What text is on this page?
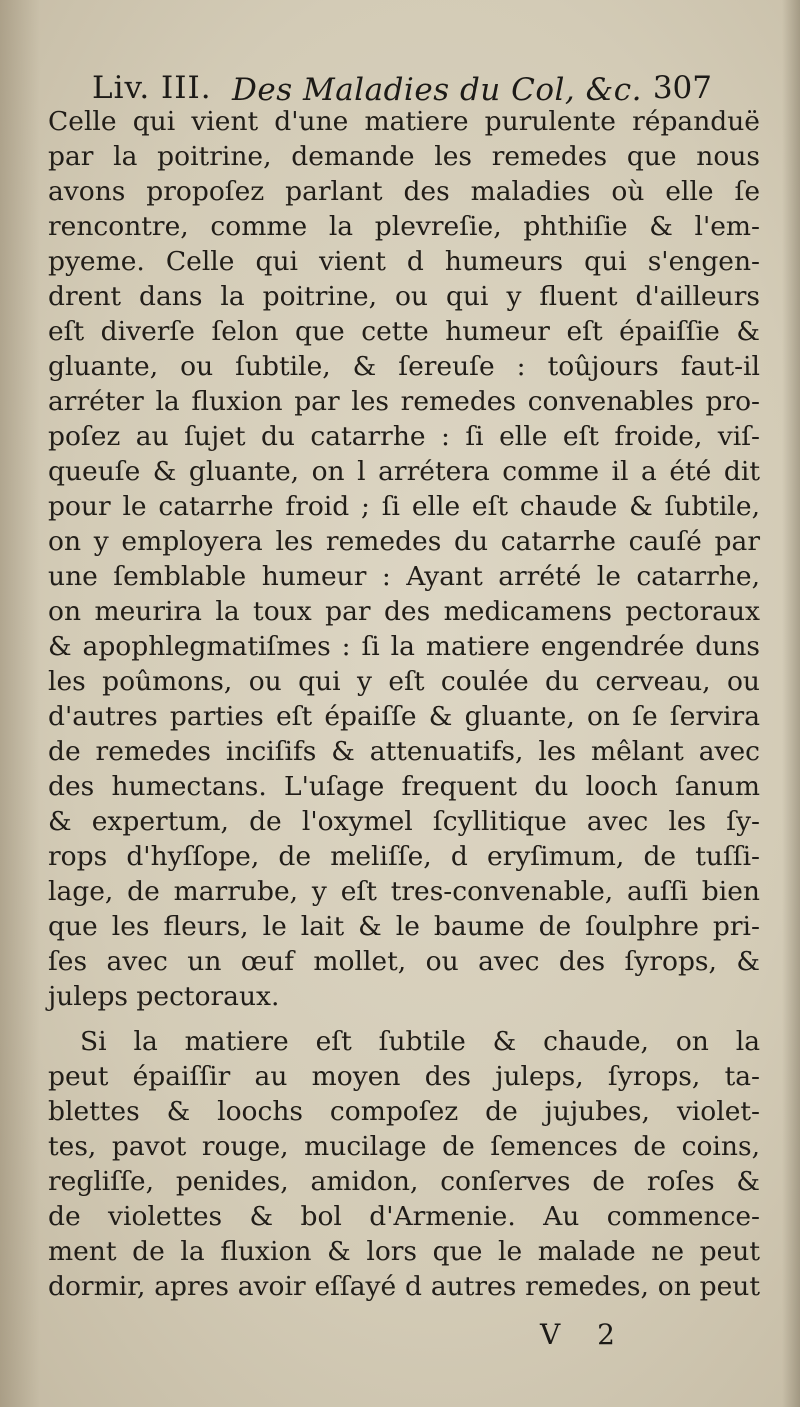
Liv. III. Des Maladies du Col, &c. 307
Celle qui vient d'une matiere purulente répanduë
par la poitrine, demande les remedes que nous
avons propoſez parlant des maladies où elle ſe
rencontre, comme la plevreſie, phthiſie & l'em-
pyeme. Celle qui vient d humeurs qui s'engen-
drent dans la poitrine, ou qui y fluent d'ailleurs
eſt diverſe ſelon que cette humeur eſt épaiſſie &
gluante, ou ſubtile, & ſereuſe : toûjours faut-il
arréter la fluxion par les remedes convenables pro-
poſez au ſujet du catarrhe : ſi elle eſt froide, viſ-
queuſe & gluante, on l arrétera comme il a été dit
pour le catarrhe froid ; ſi elle eſt chaude & ſubtile,
on y employera les remedes du catarrhe cauſé par
une ſemblable humeur : Ayant arrété le catarrhe,
on meurira la toux par des medicamens pectoraux
& apophlegmatiſmes : ſi la matiere engendrée duns
les poûmons, ou qui y eſt coulée du cerveau, ou
d'autres parties eſt épaiſſe & gluante, on ſe ſervira
de remedes inciſifs & attenuatifs, les mêlant avec
des humectans. L'uſage frequent du looch ſanum
& expertum, de l'oxymel ſcyllitique avec les ſy-
rops d'hyſſope, de meliſſe, d eryſimum, de tuſſi-
lage, de marrube, y eſt tres-convenable, auſſi bien
que les fleurs, le lait & le baume de ſoulphre pri-
ſes avec un œuf mollet, ou avec des ſyrops, &
juleps pectoraux.
Si la matiere eſt ſubtile & chaude, on la
peut épaiſſir au moyen des juleps, ſyrops, ta-
blettes & loochs compoſez de jujubes, violet-
tes, pavot rouge, mucilage de ſemences de coins,
regliſſe, penides, amidon, conſerves de roſes &
de violettes & bol d'Armenie. Au commence-
ment de la fluxion & lors que le malade ne peut
dormir, apres avoir eſſayé d autres remedes, on peut
V 2
